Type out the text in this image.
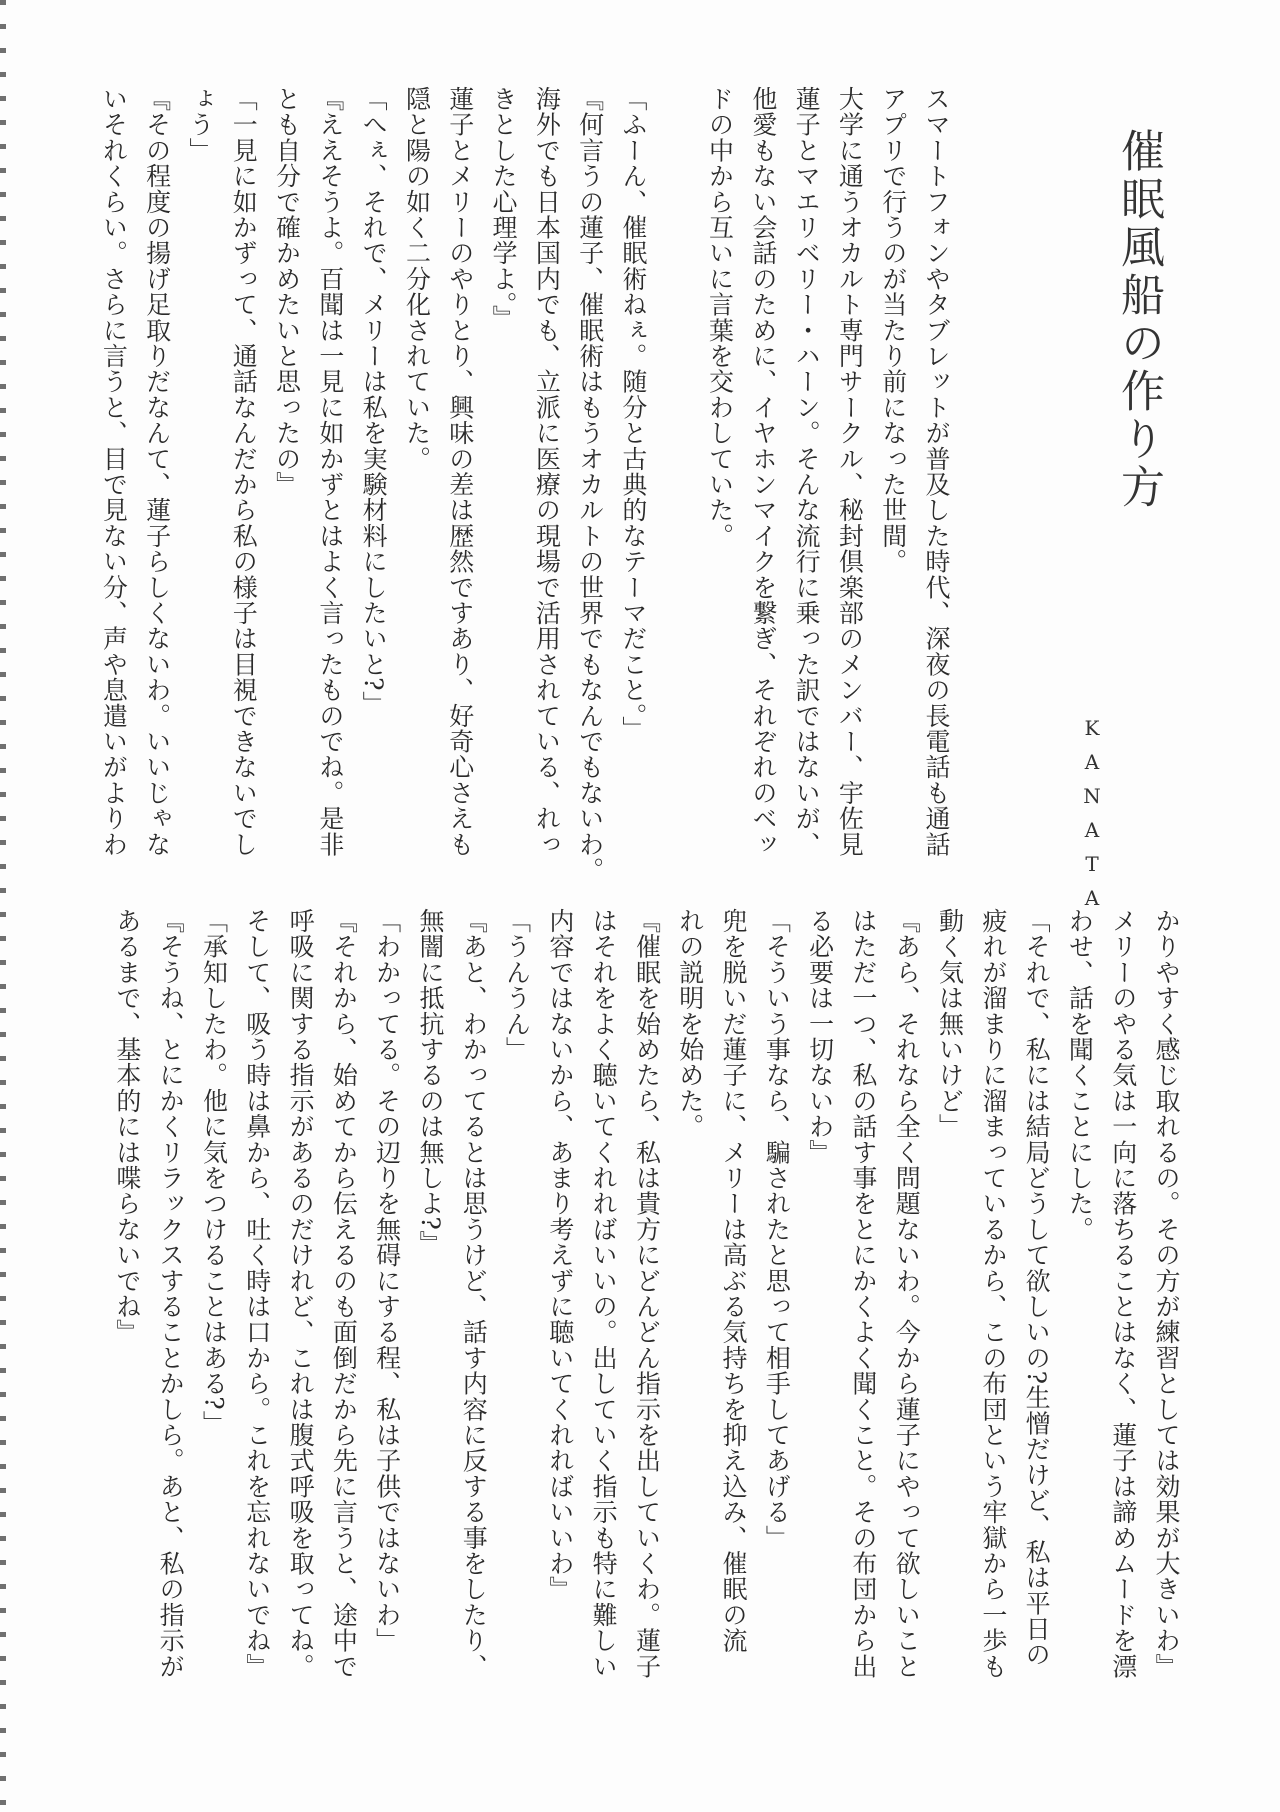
催眠風船の作り方
KANATA
スマートフォンやタブレットが普及した時代、深夜の長電話も通話
アプリで行うのが当たり前になった世間。
大学に通うオカルト専門サークル、秘封倶楽部のメンバー、宇佐見
蓮子とマエリベリー・ハーン。そんな流行に乗った訳ではないが、
他愛もない会話のために、イヤホンマイクを繋ぎ、それぞれのベッ
ドの中から互いに言葉を交わしていた。
「ふーん、催眠術ねぇ。随分と古典的なテーマだこと。」
『何言うの蓮子、催眠術はもうオカルトの世界でもなんでもないわ。
海外でも日本国内でも、立派に医療の現場で活用されている、れっ
きとした心理学よ。』
蓮子とメリーのやりとり、興味の差は歴然ですあり、好奇心さえも
隠と陽の如く二分化されていた。
「へぇ、それで、メリーは私を実験材料にしたいと?」
『ええそうよ。百聞は一見に如かずとはよく言ったものでね。是非
とも自分で確かめたいと思ったの』
「一見に如かずって、通話なんだから私の様子は目視できないでし
ょう」
『その程度の揚げ足取りだなんて、蓮子らしくないわ。いいじゃな
いそれくらい。さらに言うと、目で見ない分、声や息遣いがよりわ
かりやすく感じ取れるの。その方が練習としては効果が大きいわ』
メリーのやる気は一向に落ちることはなく、蓮子は諦めムードを漂
わせ、話を聞くことにした。
「それで、私には結局どうして欲しいの?生憎だけど、私は平日の
疲れが溜まりに溜まっているから、この布団という牢獄から一歩も
動く気は無いけど」
『あら、それなら全く問題ないわ。今から蓮子にやって欲しいこと
はただ一つ、私の話す事をとにかくよく聞くこと。その布団から出
る必要は一切ないわ』
「そういう事なら、騙されたと思って相手してあげる」
兜を脱いだ蓮子に、メリーは高ぶる気持ちを抑え込み、催眠の流
れの説明を始めた。
『催眠を始めたら、私は貴方にどんどん指示を出していくわ。蓮子
はそれをよく聴いてくれればいいの。出していく指示も特に難しい
内容ではないから、あまり考えずに聴いてくれればいいわ』
「うんうん」
『あと、わかってるとは思うけど、話す内容に反する事をしたり、
無闇に抵抗するのは無しよ?』
「わかってる。その辺りを無碍にする程、私は子供ではないわ」
『それから、始めてから伝えるのも面倒だから先に言うと、途中で
呼吸に関する指示があるのだけれど、これは腹式呼吸を取ってね。
そして、吸う時は鼻から、吐く時は口から。これを忘れないでね』
「承知したわ。他に気をつけることはある?」
『そうね、とにかくリラックスすることかしら。あと、私の指示が
あるまで、基本的には喋らないでね』
